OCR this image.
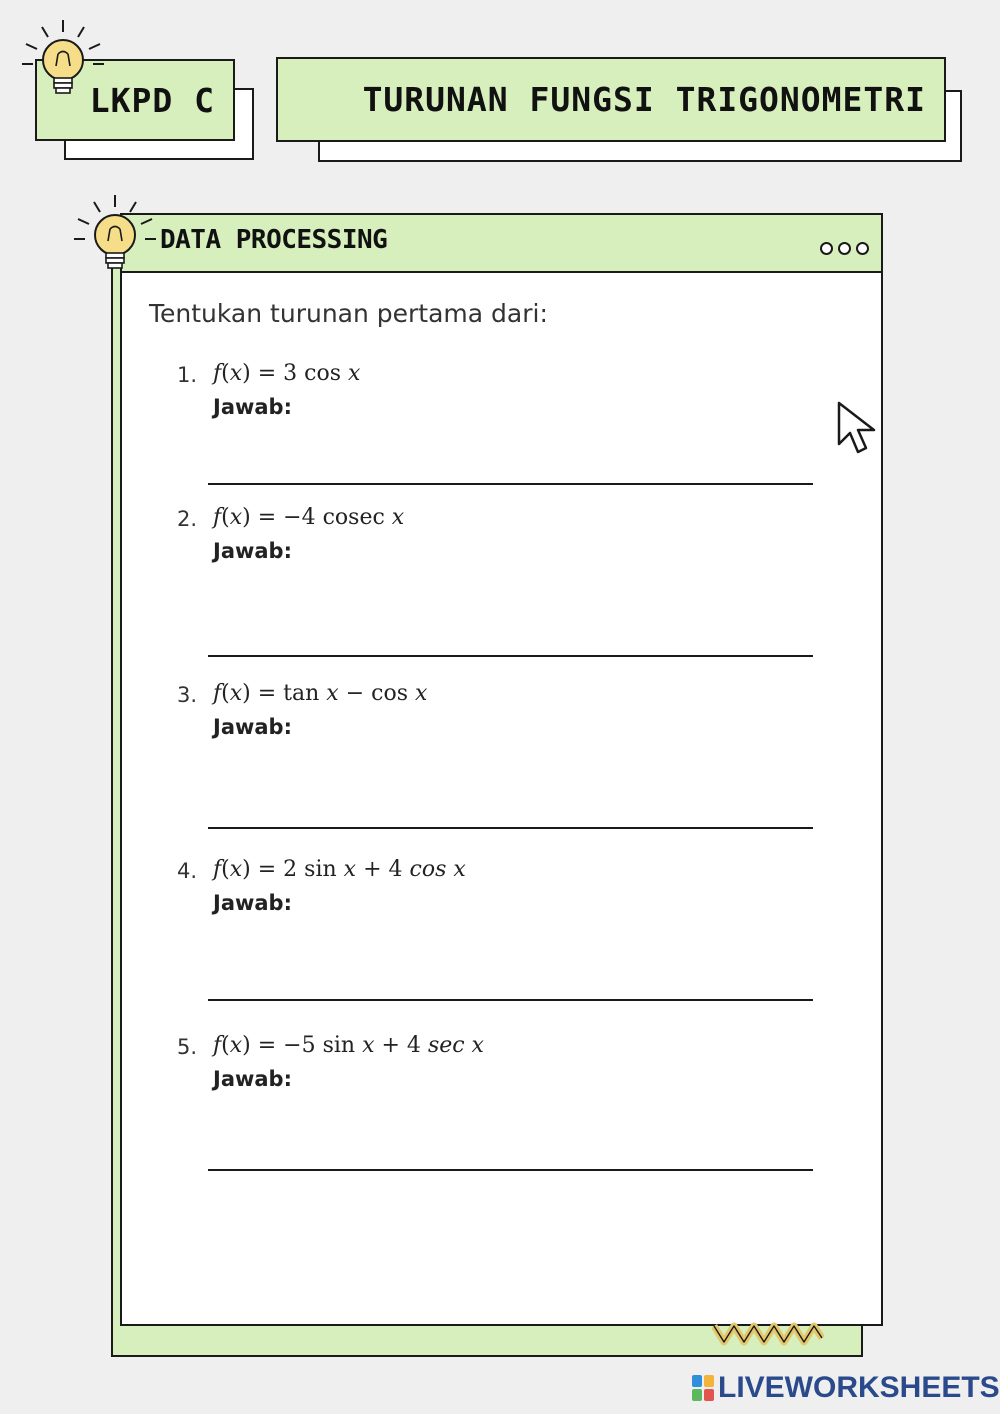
LKPD C	TURUNAN FUNGSI TRIGONOMETRI
DATA PROCESSING
Tentukan turunan pertama dari:
1. f(x) = 3 cos x
Jawab:
2. f(x) = −4 cosec x
Jawab:
3. f(x) = tan x − cos x
Jawab:
4. f(x) = 2 sin x + 4 cos x
Jawab:
5. f(x) = −5 sin x + 4 sec x
Jawab:
LIVEWORKSHEETS
